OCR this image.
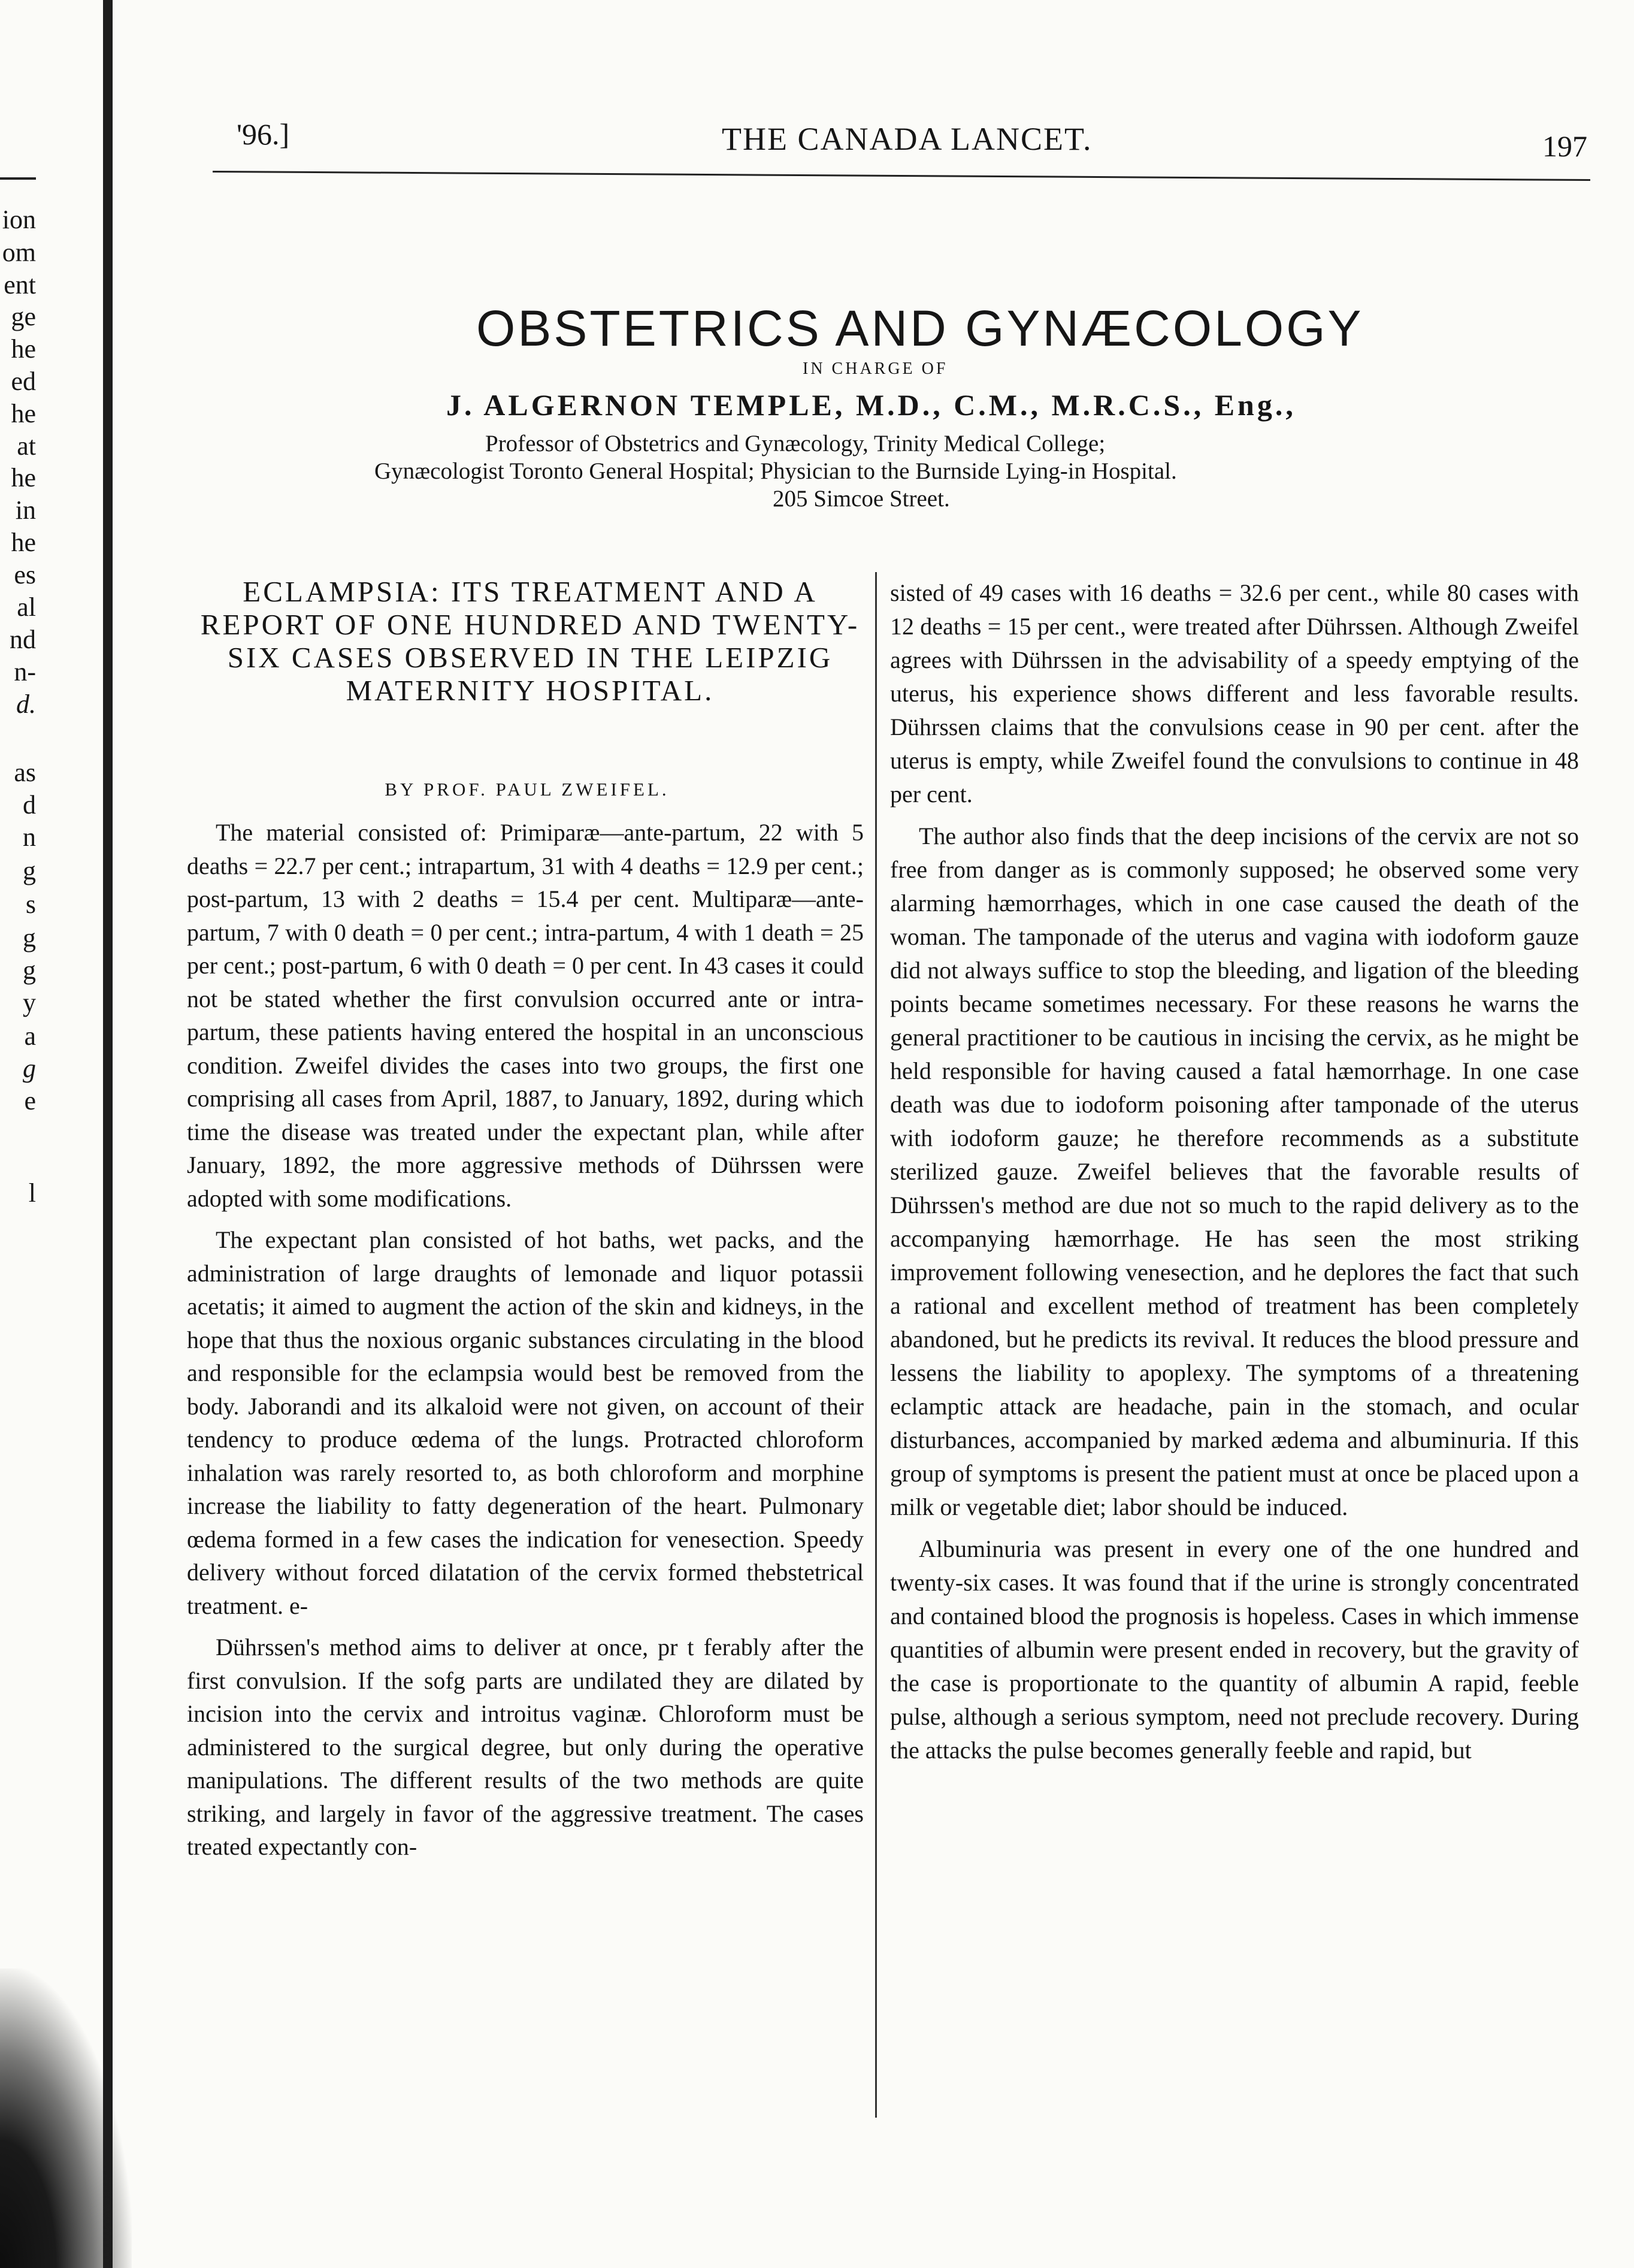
ion
om
ent
ge
he
ed
he
at
he
in
he
es
al
nd
n-
d.
as
d
n
g
s
g
g
y
a
g
e
l
'96.]	THE CANADA LANCET.	197
OBSTETRICS AND GYNÆCOLOGY
IN CHARGE OF
J. ALGERNON TEMPLE, M.D., C.M., M.R.C.S., Eng.,
Professor of Obstetrics and Gynæcology, Trinity Medical College;
Gynæcologist Toronto General Hospital; Physician to the Burnside Lying-in Hospital.
205 Simcoe Street.
ECLAMPSIA: ITS TREATMENT AND A REPORT OF ONE HUNDRED AND TWENTY-SIX CASES OBSERVED IN THE LEIPZIG MATERNITY HOSPITAL.
BY PROF. PAUL ZWEIFEL.

The material consisted of: Primiparæ—ante-partum, 22 with 5 deaths = 22.7 per cent.; intrapartum, 31 with 4 deaths = 12.9 per cent.; post-partum, 13 with 2 deaths = 15.4 per cent. Multiparæ—ante-partum, 7 with 0 death = 0 per cent.; intra-partum, 4 with 1 death = 25 per cent.; post-partum, 6 with 0 death = 0 per cent. In 43 cases it could not be stated whether the first convulsion occurred ante or intra-partum, these patients having entered the hospital in an unconscious condition. Zweifel divides the cases into two groups, the first one comprising all cases from April, 1887, to January, 1892, during which time the disease was treated under the expectant plan, while after January, 1892, the more aggressive methods of Dührssen were adopted with some modifications.

The expectant plan consisted of hot baths, wet packs, and the administration of large draughts of lemonade and liquor potassii acetatis; it aimed to augment the action of the skin and kidneys, in the hope that thus the noxious organic substances circulating in the blood and responsible for the eclampsia would best be removed from the body. Jaborandi and its alkaloid were not given, on account of their tendency to produce œdema of the lungs. Protracted chloroform inhalation was rarely resorted to, as both chloroform and morphine increase the liability to fatty degeneration of the heart. Pulmonary œdema formed in a few cases the indication for venesection. Speedy delivery without forced dilatation of the cervix formed thebstetrical treatment. e-

Dührssen's method aims to deliver at once, pr t ferably after the first convulsion. If the sofg parts are undilated they are dilated by incision into the cervix and introitus vaginæ. Chloroform must be administered to the surgical degree, but only during the operative manipulations. The different results of the two methods are quite striking, and largely in favor of the aggressive treatment. The cases treated expectantly con-

sisted of 49 cases with 16 deaths = 32.6 per cent., while 80 cases with 12 deaths = 15 per cent., were treated after Dührssen. Although Zweifel agrees with Dührssen in the advisability of a speedy emptying of the uterus, his experience shows different and less favorable results. Dührssen claims that the convulsions cease in 90 per cent. after the uterus is empty, while Zweifel found the convulsions to continue in 48 per cent.

The author also finds that the deep incisions of the cervix are not so free from danger as is commonly supposed; he observed some very alarming hæmorrhages, which in one case caused the death of the woman. The tamponade of the uterus and vagina with iodoform gauze did not always suffice to stop the bleeding, and ligation of the bleeding points became sometimes necessary. For these reasons he warns the general practitioner to be cautious in incising the cervix, as he might be held responsible for having caused a fatal hæmorrhage. In one case death was due to iodoform poisoning after tamponade of the uterus with iodoform gauze; he therefore recommends as a substitute sterilized gauze. Zweifel believes that the favorable results of Dührssen's method are due not so much to the rapid delivery as to the accompanying hæmorrhage. He has seen the most striking improvement following venesection, and he deplores the fact that such a rational and excellent method of treatment has been completely abandoned, but he predicts its revival. It reduces the blood pressure and lessens the liability to apoplexy. The symptoms of a threatening eclamptic attack are headache, pain in the stomach, and ocular disturbances, accompanied by marked ædema and albuminuria. If this group of symptoms is present the patient must at once be placed upon a milk or vegetable diet; labor should be induced.

Albuminuria was present in every one of the one hundred and twenty-six cases. It was found that if the urine is strongly concentrated and contained blood the prognosis is hopeless. Cases in which immense quantities of albumin were present ended in recovery, but the gravity of the case is proportionate to the quantity of albumin A rapid, feeble pulse, although a serious symptom, need not preclude recovery. During the attacks the pulse becomes generally feeble and rapid, but
